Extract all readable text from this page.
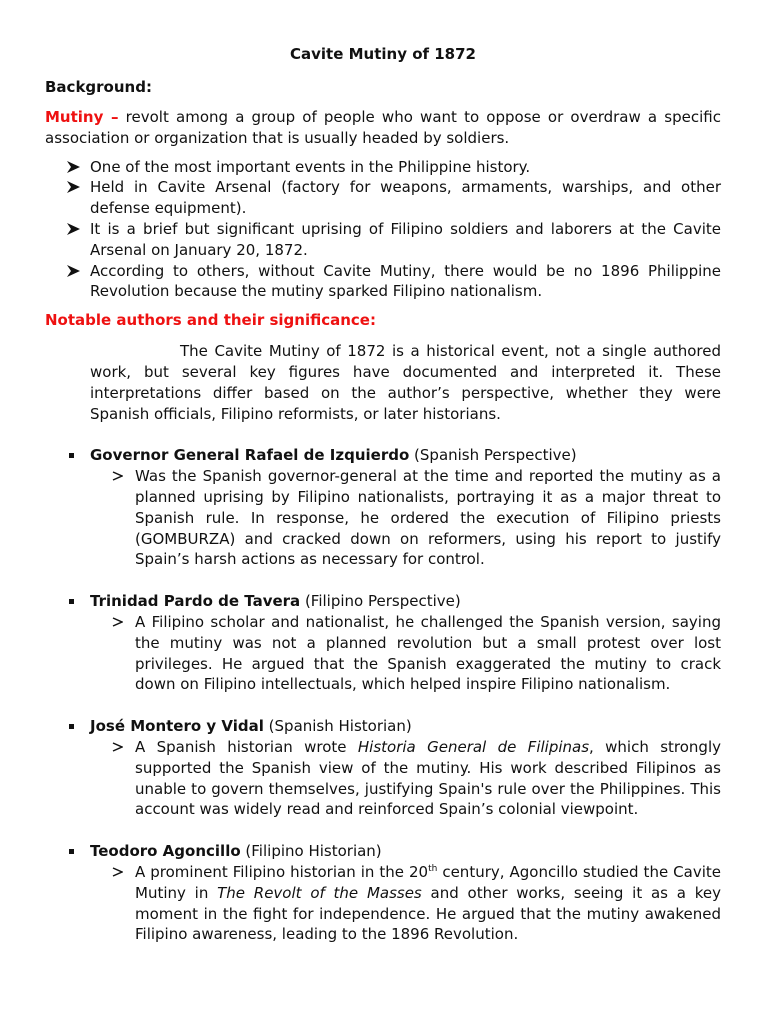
Cavite Mutiny of 1872
Background:

Mutiny – revolt among a group of people who want to oppose or overdraw a specific association or organization that is usually headed by soldiers.

One of the most important events in the Philippine history.
Held in Cavite Arsenal (factory for weapons, armaments, warships, and other defense equipment).
It is a brief but significant uprising of Filipino soldiers and laborers at the Cavite Arsenal on January 20, 1872.
According to others, without Cavite Mutiny, there would be no 1896 Philippine Revolution because the mutiny sparked Filipino nationalism.
Notable authors and their significance:

The Cavite Mutiny of 1872 is a historical event, not a single authored work, but several key figures have documented and interpreted it. These interpretations differ based on the author’s perspective, whether they were Spanish officials, Filipino reformists, or later historians.

Governor General Rafael de Izquierdo (Spanish Perspective)
Was the Spanish governor-general at the time and reported the mutiny as a planned uprising by Filipino nationalists, portraying it as a major threat to Spanish rule. In response, he ordered the execution of Filipino priests (GOMBURZA) and cracked down on reformers, using his report to justify Spain’s harsh actions as necessary for control.
Trinidad Pardo de Tavera (Filipino Perspective)
A Filipino scholar and nationalist, he challenged the Spanish version, saying the mutiny was not a planned revolution but a small protest over lost privileges. He argued that the Spanish exaggerated the mutiny to crack down on Filipino intellectuals, which helped inspire Filipino nationalism.
José Montero y Vidal (Spanish Historian)
A Spanish historian wrote Historia General de Filipinas, which strongly supported the Spanish view of the mutiny. His work described Filipinos as unable to govern themselves, justifying Spain's rule over the Philippines. This account was widely read and reinforced Spain’s colonial viewpoint.
Teodoro Agoncillo (Filipino Historian)
A prominent Filipino historian in the 20th century, Agoncillo studied the Cavite Mutiny in The Revolt of the Masses and other works, seeing it as a key moment in the fight for independence. He argued that the mutiny awakened Filipino awareness, leading to the 1896 Revolution.
